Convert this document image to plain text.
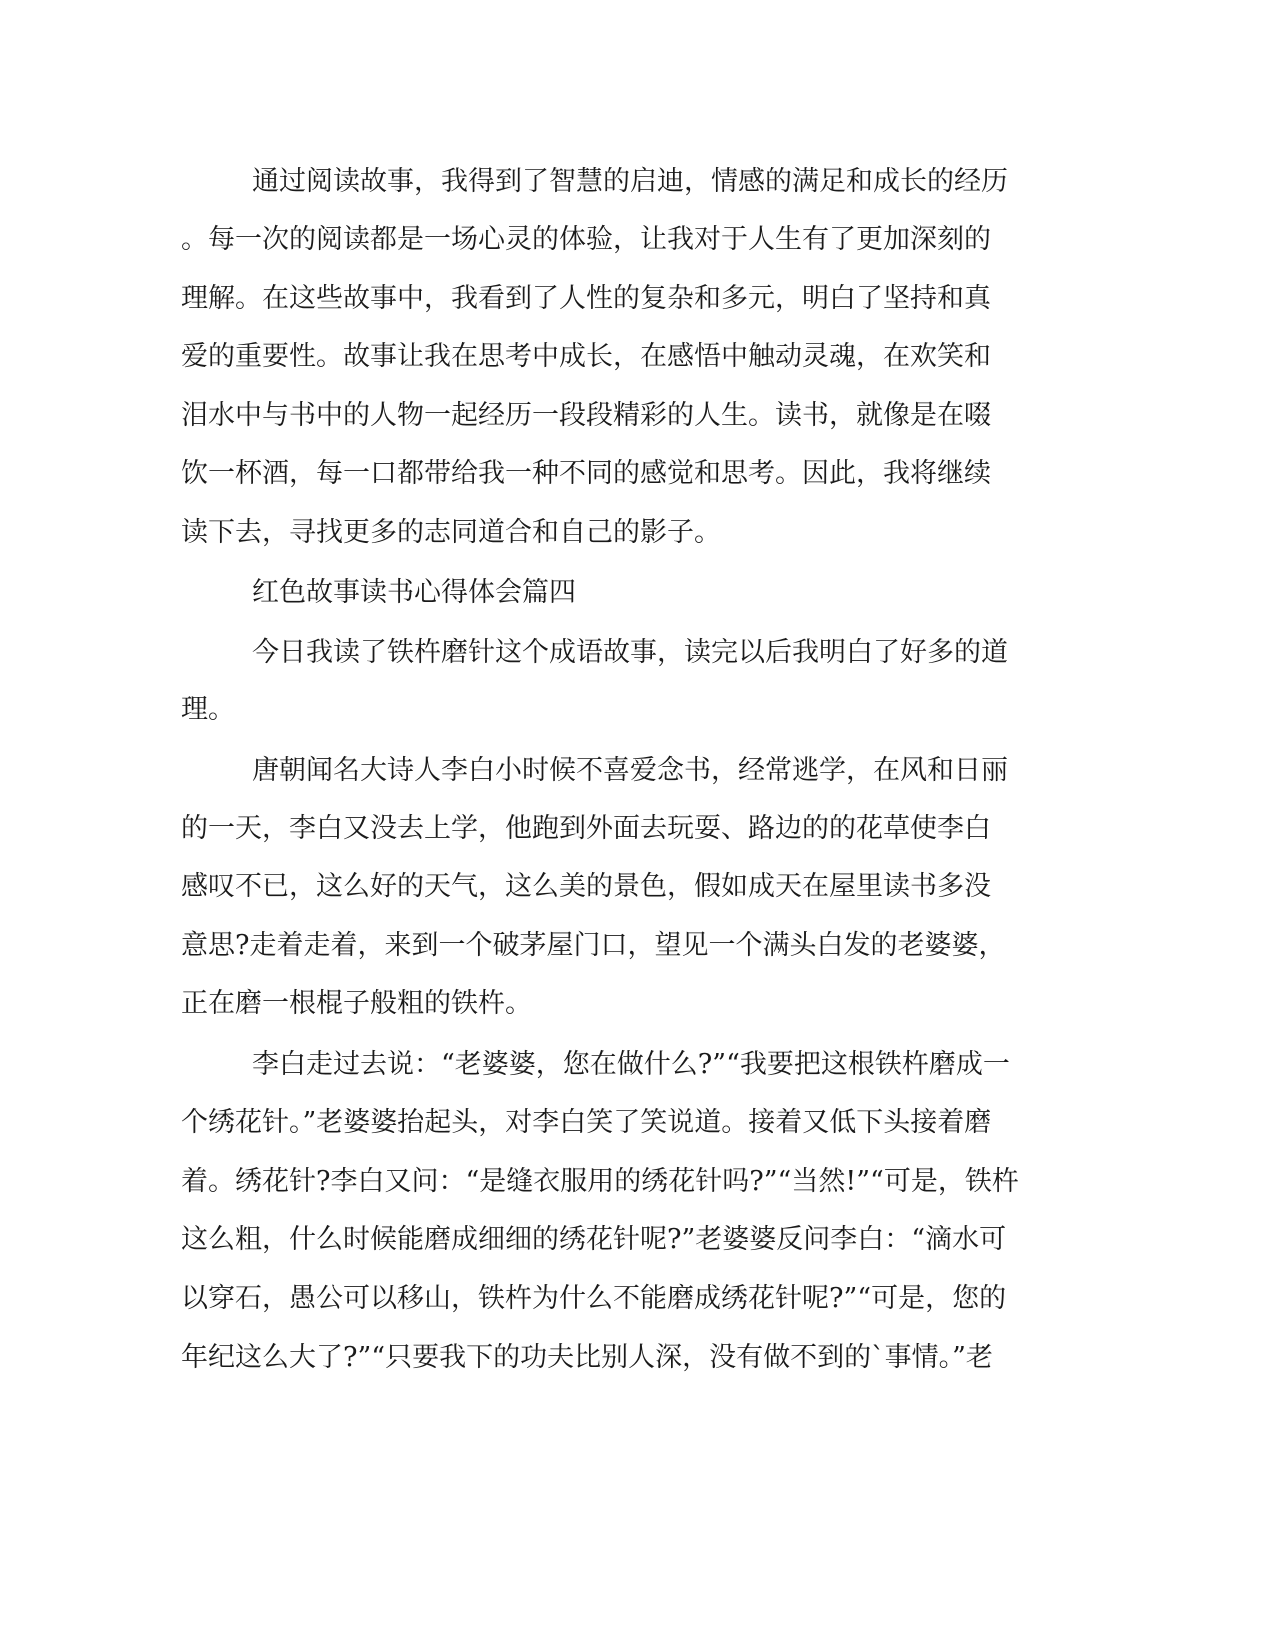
通过阅读故事，我得到了智慧的启迪，情感的满足和成长的经历
。每一次的阅读都是一场心灵的体验，让我对于人生有了更加深刻的
理解。在这些故事中，我看到了人性的复杂和多元，明白了坚持和真
爱的重要性。故事让我在思考中成长，在感悟中触动灵魂，在欢笑和
泪水中与书中的人物一起经历一段段精彩的人生。读书，就像是在啜
饮一杯酒，每一口都带给我一种不同的感觉和思考。因此，我将继续
读下去，寻找更多的志同道合和自己的影子。
红色故事读书心得体会篇四
今日我读了铁杵磨针这个成语故事，读完以后我明白了好多的道
理。
唐朝闻名大诗人李白小时候不喜爱念书，经常逃学，在风和日丽
的一天，李白又没去上学，他跑到外面去玩耍、路边的的花草使李白
感叹不已，这么好的天气，这么美的景色，假如成天在屋里读书多没
意思?走着走着，来到一个破茅屋门口，望见一个满头白发的老婆婆，
正在磨一根棍子般粗的铁杵。
李白走过去说：“老婆婆，您在做什么?”“我要把这根铁杵磨成一
个绣花针。”老婆婆抬起头，对李白笑了笑说道。接着又低下头接着磨
着。绣花针?李白又问：“是缝衣服用的绣花针吗?”“当然!”“可是，铁杵
这么粗，什么时候能磨成细细的绣花针呢?”老婆婆反问李白：“滴水可
以穿石，愚公可以移山，铁杵为什么不能磨成绣花针呢?”“可是，您的
年纪这么大了?”“只要我下的功夫比别人深，没有做不到的`事情。”老
